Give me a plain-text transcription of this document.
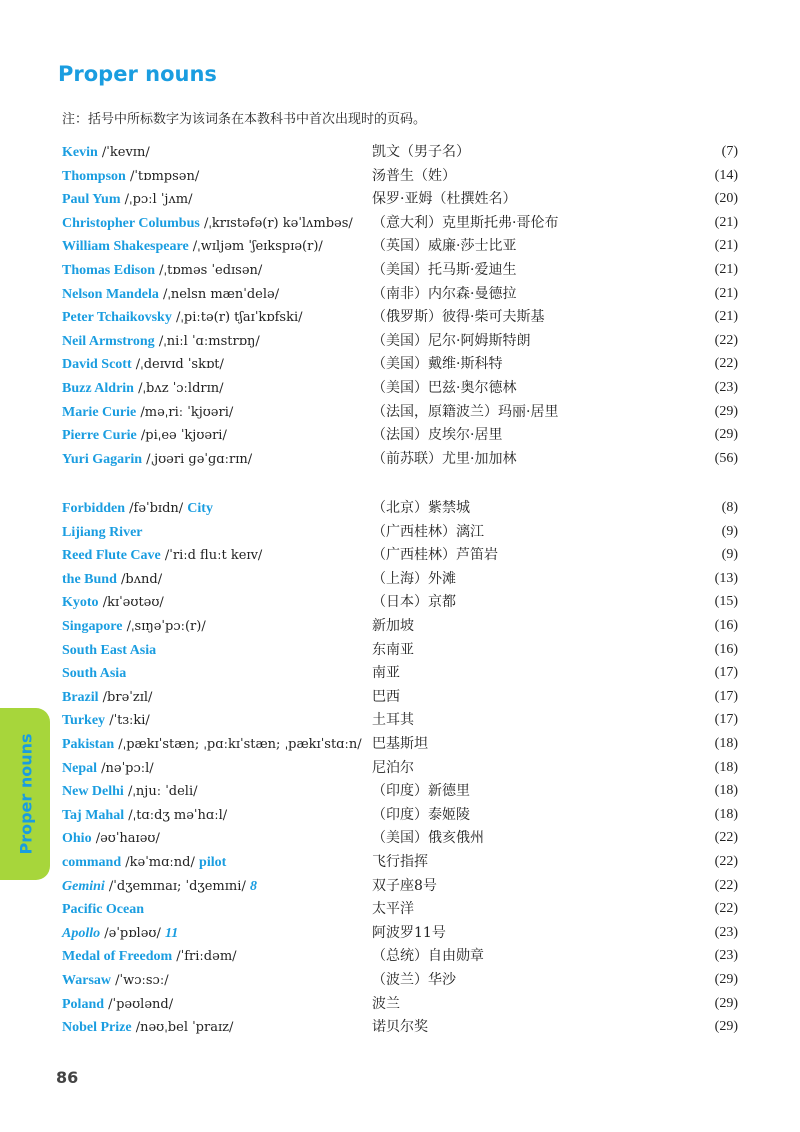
Proper nouns
注：括号中所标数字为该词条在本教科书中首次出现时的页码。
Kevin /ˈkevɪn/	凯文（男子名）	(7)
Thompson /ˈtɒmpsən/	汤普生（姓）	(14)
Paul Yum /ˌpɔːl ˈjʌm/	保罗·亚姆（杜撰姓名）	(20)
Christopher Columbus /ˌkrɪstəfə(r) kəˈlʌmbəs/ （意大利）克里斯托弗·哥伦布	(21)
William Shakespeare /ˌwɪljəm ˈʃeɪkspɪə(r)/	（英国）威廉·莎士比亚	(21)
Thomas Edison /ˌtɒməs ˈedɪsən/	（美国）托马斯·爱迪生	(21)
Nelson Mandela /ˌnelsn mænˈdelə/	（南非）内尔森·曼德拉	(21)
Peter Tchaikovsky /ˌpiːtə(r) tʃaɪˈkɒfski/	（俄罗斯）彼得·柴可夫斯基	(21)
Neil Armstrong /ˌniːl ˈɑːmstrɒŋ/	（美国）尼尔·阿姆斯特朗	(22)
David Scott /ˌdeɪvɪd ˈskɒt/	（美国）戴维·斯科特	(22)
Buzz Aldrin /ˌbʌz ˈɔːldrɪn/	（美国）巴兹·奥尔德林	(23)
Marie Curie /məˌriː ˈkjʊəri/	（法国，原籍波兰）玛丽·居里	(29)
Pierre Curie /piˌeə ˈkjʊəri/	（法国）皮埃尔·居里	(29)
Yuri Gagarin /ˌjʊəri ɡəˈɡɑːrɪn/	（前苏联）尤里·加加林	(56)
Forbidden /fəˈbɪdn/ City	（北京）紫禁城	(8)
Lijiang River	（广西桂林）漓江	(9)
Reed Flute Cave /ˈriːd fluːt keɪv/	（广西桂林）芦笛岩	(9)
the Bund /bʌnd/	（上海）外滩	(13)
Kyoto /kɪˈəʊtəʊ/	（日本）京都	(15)
Singapore /ˌsɪŋəˈpɔː(r)/	新加坡	(16)
South East Asia	东南亚	(16)
South Asia	南亚	(17)
Brazil /brəˈzɪl/	巴西	(17)
Turkey /ˈtɜːki/	土耳其	(17)
Pakistan /ˌpækɪˈstæn; ˌpɑːkɪˈstæn; ˌpækɪˈstɑːn/ 巴基斯坦	(18)
Nepal /nəˈpɔːl/	尼泊尔	(18)
New Delhi /ˌnjuː ˈdeli/	（印度）新德里	(18)
Taj Mahal /ˌtɑːdʒ məˈhɑːl/	（印度）泰姬陵	(18)
Ohio /əʊˈhaɪəʊ/	（美国）俄亥俄州	(22)
command /kəˈmɑːnd/ pilot	飞行指挥	(22)
Gemini /ˈdʒemɪnaɪ; ˈdʒemɪni/ 8	双子座8号	(22)
Pacific Ocean	太平洋	(22)
Apollo /əˈpɒləʊ/ 11	阿波罗11号	(23)
Medal of Freedom /ˈfriːdəm/	（总统）自由勋章	(23)
Warsaw /ˈwɔːsɔː/	（波兰）华沙	(29)
Poland /ˈpəʊlənd/	波兰	(29)
Nobel Prize /nəʊˌbel ˈpraɪz/	诺贝尔奖	(29)
Proper nouns
86
